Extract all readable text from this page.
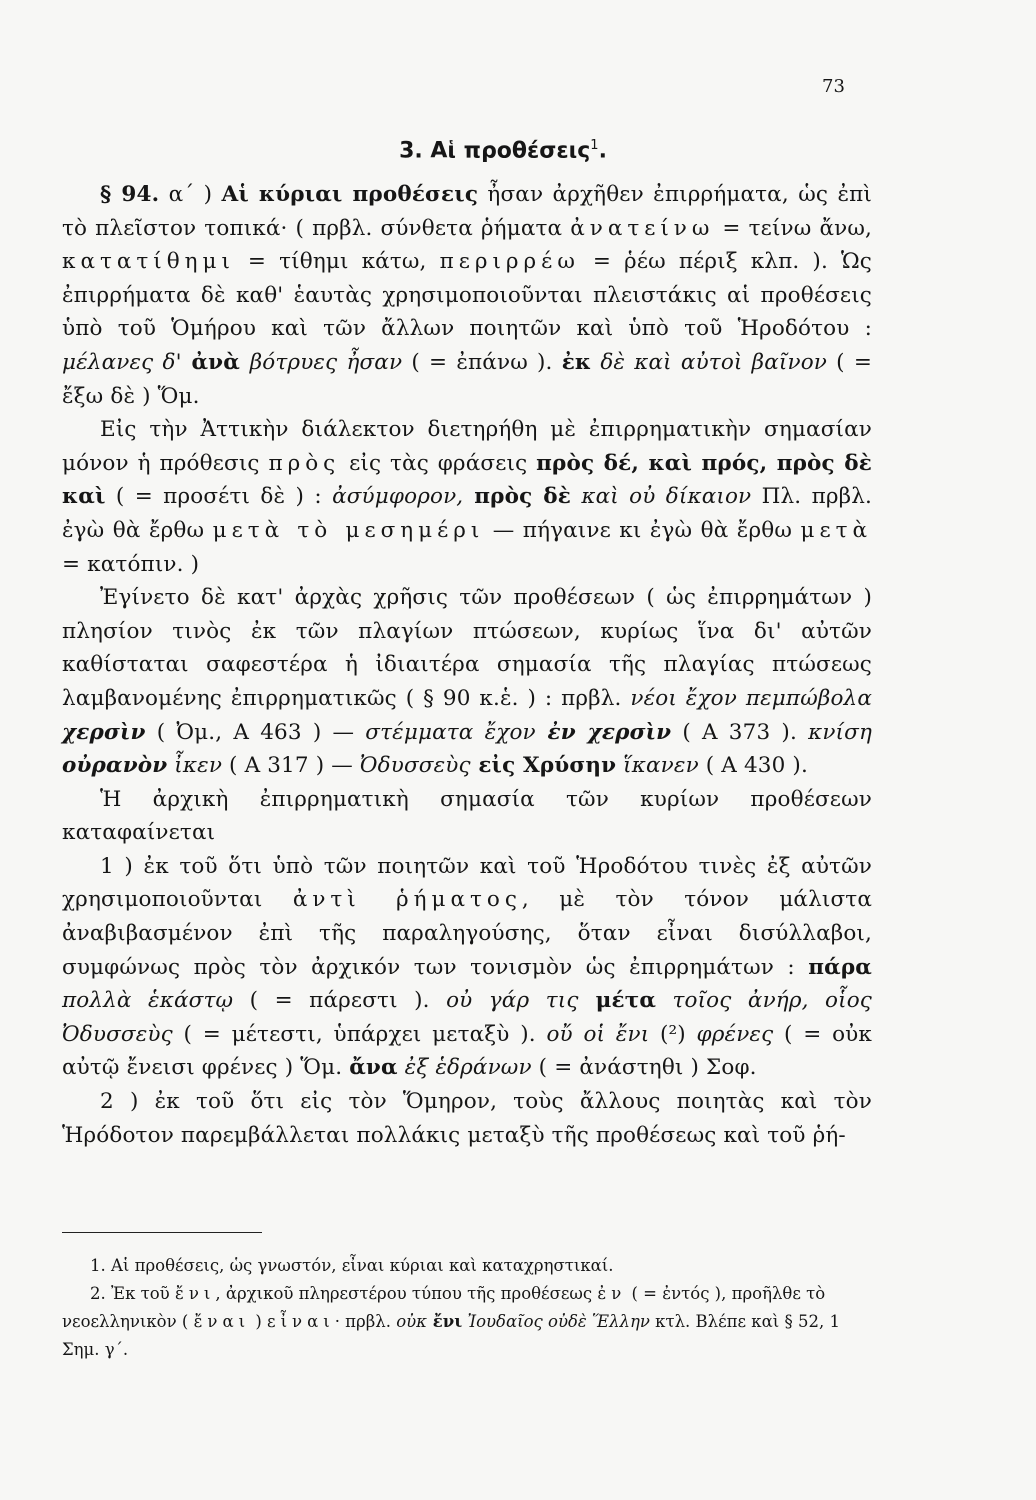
73
3. Αἱ προθέσεις$^1$.

§ 94. α΄ ) Αἱ κύριαι προθέσεις ἦσαν ἀρχῆθεν ἐπιρρήματα, ὡς ἐπὶ τὸ πλεῖστον τοπικά· ( πρβλ. σύνθετα ῥήματα ἀνατείνω = τείνω ἄνω, κατατίθημι = τίθημι κάτω, περιρρέω = ῥέω πέριξ κλπ. ). Ὡς ἐπιρρήματα δὲ καθ' ἑαυτὰς χρησιμοποιοῦνται πλειστάκις αἱ προθέσεις ὑπὸ τοῦ Ὁμήρου καὶ τῶν ἄλλων ποιητῶν καὶ ὑπὸ τοῦ Ἡροδότου : μέλανες δ' ἀνὰ βότρυες ἦσαν ( = ἐπάνω ). ἐκ δὲ καὶ αὐτοὶ βαῖνον ( = ἔξω δὲ ) Ὅμ.

Εἰς τὴν Ἀττικὴν διάλεκτον διετηρήθη μὲ ἐπιρρηματικὴν σημασίαν μόνον ἡ πρόθεσις πρὸς εἰς τὰς φράσεις πρὸς δέ, καὶ πρός, πρὸς δὲ καὶ ( = προσέτι δὲ ) : ἀσύμφορον, πρὸς δὲ καὶ οὐ δίκαιον Πλ. πρβλ. ἐγὼ θὰ ἔρθω μετὰ τὸ μεσημέρι — πήγαινε κι ἐγὼ θὰ ἔρθω μετὰ = κατόπιν. )

Ἐγίνετο δὲ κατ' ἀρχὰς χρῆσις τῶν προθέσεων ( ὡς ἐπιρρημάτων ) πλησίον τινὸς ἐκ τῶν πλαγίων πτώσεων, κυρίως ἵνα δι' αὐτῶν καθίσταται σαφεστέρα ἡ ἰδιαιτέρα σημασία τῆς πλαγίας πτώσεως λαμβανομένης ἐπιρρηματικῶς ( § 90 κ.ἑ. ) : πρβλ. νέοι ἔχον πεμπώβολα χερσὶν ( Ὀμ., Α 463 ) — στέμματα ἔχον ἐν χερσὶν ( Α 373 ). κνίση οὐρανὸν ἶκεν ( Α 317 ) — Ὀδυσσεὺς εἰς Χρύσην ἵκανεν ( Α 430 ).

Ἡ ἀρχικὴ ἐπιρρηματικὴ σημασία τῶν κυρίων προθέσεων καταφαίνεται

1 ) ἐκ τοῦ ὅτι ὑπὸ τῶν ποιητῶν καὶ τοῦ Ἡροδότου τινὲς ἐξ αὐτῶν χρησιμοποιοῦνται ἀντὶ ῥήματος, μὲ τὸν τόνον μάλιστα ἀναβιβασμένον ἐπὶ τῆς παραληγούσης, ὅταν εἶναι δισύλλαβοι, συμφώνως πρὸς τὸν ἀρχικόν των τονισμὸν ὡς ἐπιρρημάτων : πάρα πολλὰ ἑκάστῳ ( = πάρεστι ). οὐ γάρ τις μέτα τοῖος ἀνήρ, οἷος Ὀδυσσεὺς ( = μέτεστι, ὑπάρχει μεταξὺ ). οὔ οἱ ἔνι (²) φρένες ( = οὐκ αὐτῷ ἔνεισι φρένες ) Ὅμ. ἄνα ἐξ ἑδράνων ( = ἀνάστηθι ) Σοφ.

2 ) ἐκ τοῦ ὅτι εἰς τὸν Ὅμηρον, τοὺς ἄλλους ποιητὰς καὶ τὸν Ἡρόδοτον παρεμβάλλεται πολλάκις μεταξὺ τῆς προθέσεως καὶ τοῦ ῥή-

1. Αἱ προθέσεις, ὡς γνωστόν, εἶναι κύριαι καὶ καταχρηστικαί.

2. Ἐκ τοῦ ἔνι, ἀρχικοῦ πληρεστέρου τύπου τῆς προθέσεως ἐν ( = ἐντός ), προῆλθε τὸ νεοελληνικὸν ( ἔναι ) εἶναι· πρβλ. οὐκ ἔνι Ἰουδαῖος οὐδὲ Ἕλλην κτλ. Βλέπε καὶ § 52, 1 Σημ. γ΄.
